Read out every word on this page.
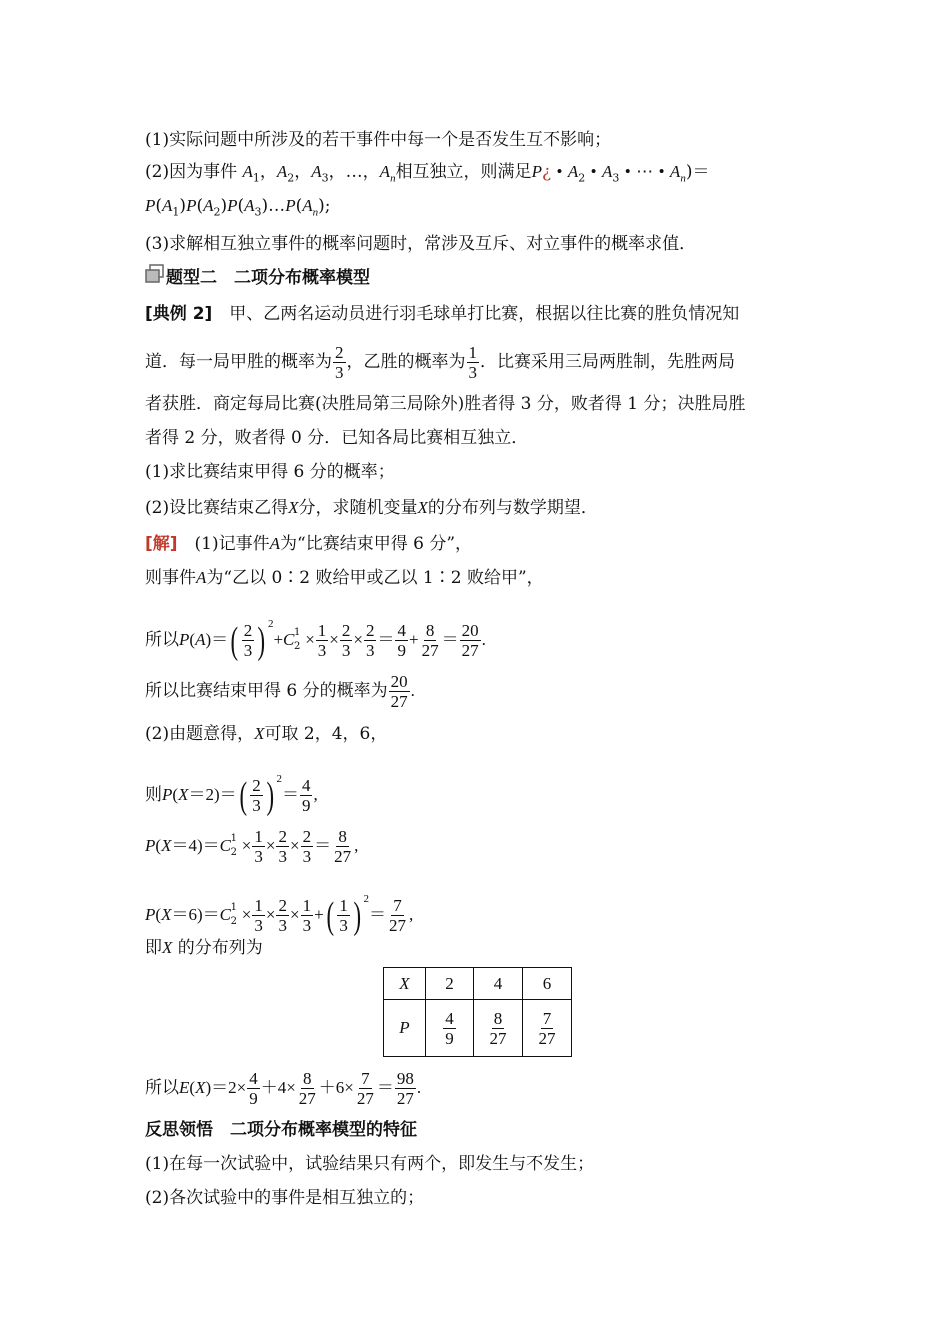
(1)实际问题中所涉及的若干事件中每一个是否发生互不影响；
(2)因为事件 $A_1$，$A_2$，$A_3$，…，$A_n$相互独立，则满足P¿ • $A_2$ • $A_3$ • ⋯ • $A_n)=$
$P(A_1)P(A_2)P(A_3)\dots P(A_n)$;
(3)求解相互独立事件的概率问题时，常涉及互斥、对立事件的概率求值．
题型二　二项分布概率模型
[典例 2]　甲、乙两名运动员进行羽毛球单打比赛，根据以往比赛的胜负情况知
道．每一局甲胜的概率为 $\frac{2}{3}$ ，乙胜的概率为 $\frac{1}{3}$ ．比赛采用三局两胜制，先胜两局
者获胜．商定每局比赛(决胜局第三局除外)胜者得 3 分，败者得 1 分；决胜局胜
者得 2 分，败者得 0 分．已知各局比赛相互独立．
(1)求比赛结束甲得 6 分的概率；
(2)设比赛结束乙得X分，求随机变量X的分布列与数学期望．
[解]　(1)记事件A为“比赛结束甲得 6 分”，
则事件A为“乙以 0∶2 败给甲或乙以 1∶2 败给甲”，
所以$P(A)=( \frac{2}{3}$ ) $^2$+C 1
$2 \times \frac{1}{3} \times \frac{2}{3} \times \frac{2}{3} = \frac{4}{9} + \frac{8}{27} = \frac{20}{27}$ .
所以比赛结束甲得 6 分的概率为 $\frac{20}{27}$ .
(2)由题意得，X可取 2，4，6，
则$P(X=2)=( \frac{2}{3}$ ) $^2= \frac{4}{9}$ ,
P(X＝4)＝C 1
$2 \times \frac{1}{3} \times \frac{2}{3} \times \frac{2}{3} = \frac{8}{27}$ ,
P(X＝6)＝C 1
$2 \times \frac{1}{3} \times \frac{2}{3} \times \frac{1}{3}$ +( $\frac{1}{3}$ ) $^2= \frac{7}{27}$ ,
即X 的分布列为
X	2	4	6
P	$\frac{4}{9}$	$\frac{8}{27}$	$\frac{7}{27}$
所以$E(X)=2\times \frac{4}{9} +4\times \frac{8}{27} +6\times \frac{7}{27} = \frac{98}{27}$ .
反思领悟　二项分布概率模型的特征
(1)在每一次试验中，试验结果只有两个，即发生与不发生；
(2)各次试验中的事件是相互独立的；
